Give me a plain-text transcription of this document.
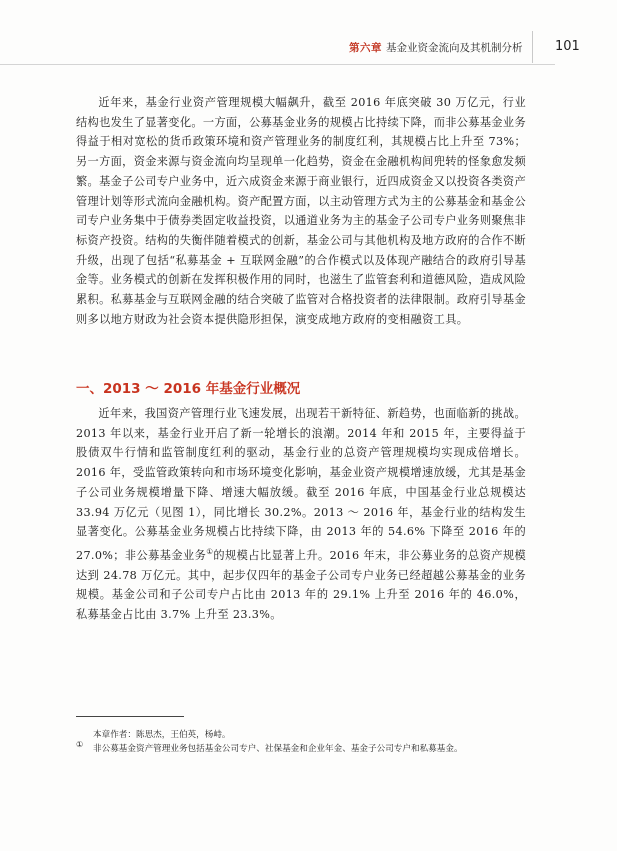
第六章 基金业资金流向及其机制分析	101

近年来，基金行业资产管理规模大幅飙升，截至 2016 年底突破 30 万亿元，行业结构也发生了显著变化。一方面，公募基金业务的规模占比持续下降，而非公募基金业务得益于相对宽松的货币政策环境和资产管理业务的制度红利，其规模占比上升至 73%；另一方面，资金来源与资金流向均呈现单一化趋势，资金在金融机构间兜转的怪象愈发频繁。基金子公司专户业务中，近六成资金来源于商业银行，近四成资金又以投资各类资产管理计划等形式流向金融机构。资产配置方面，以主动管理方式为主的公募基金和基金公司专户业务集中于债券类固定收益投资，以通道业务为主的基金子公司专户业务则聚焦非标资产投资。结构的失衡伴随着模式的创新，基金公司与其他机构及地方政府的合作不断升级，出现了包括“私募基金 + 互联网金融”的合作模式以及体现产融结合的政府引导基金等。业务模式的创新在发挥积极作用的同时，也滋生了监管套利和道德风险，造成风险累积。私募基金与互联网金融的结合突破了监管对合格投资者的法律限制。政府引导基金则多以地方财政为社会资本提供隐形担保，演变成地方政府的变相融资工具。

一、2013 ～ 2016 年基金行业概况

近年来，我国资产管理行业飞速发展，出现若干新特征、新趋势，也面临新的挑战。2013 年以来，基金行业开启了新一轮增长的浪潮。2014 年和 2015 年，主要得益于股债双牛行情和监管制度红利的驱动，基金行业的总资产管理规模均实现成倍增长。2016 年，受监管政策转向和市场环境变化影响，基金业资产规模增速放缓，尤其是基金子公司业务规模增量下降、增速大幅放缓。截至 2016 年底，中国基金行业总规模达 33.94 万亿元（见图 1），同比增长 30.2%。2013 ～ 2016 年，基金行业的结构发生显著变化。公募基金业务规模占比持续下降，由 2013 年的 54.6% 下降至 2016 年的 27.0%；非公募基金业务①的规模占比显著上升。2016 年末，非公募业务的总资产规模达到 24.78 万亿元。其中，起步仅四年的基金子公司专户业务已经超越公募基金的业务规模。基金公司和子公司专户占比由 2013 年的 29.1% 上升至 2016 年的 46.0%，私募基金占比由 3.7% 上升至 23.3%。

本章作者：陈思杰，王伯英，杨峙。

① 非公募基金资产管理业务包括基金公司专户、社保基金和企业年金、基金子公司专户和私募基金。
